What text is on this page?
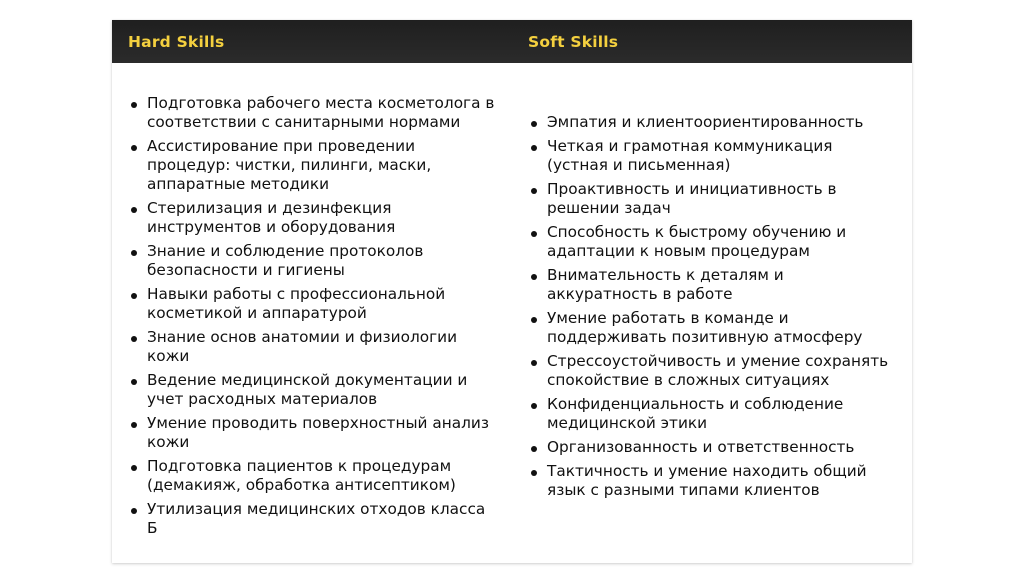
Hard Skills	Soft Skills
Подготовка рабочего места косметолога в соответствии с санитарными нормами
Ассистирование при проведении процедур: чистки, пилинги, маски, аппаратные методики
Стерилизация и дезинфекция инструментов и оборудования
Знание и соблюдение протоколов безопасности и гигиены
Навыки работы с профессиональной косметикой и аппаратурой
Знание основ анатомии и физиологии кожи
Ведение медицинской документации и учет расходных материалов
Умение проводить поверхностный анализ кожи
Подготовка пациентов к процедурам (демакияж, обработка антисептиком)
Утилизация медицинских отходов класса Б
Эмпатия и клиентоориентированность
Четкая и грамотная коммуникация (устная и письменная)
Проактивность и инициативность в решении задач
Способность к быстрому обучению и адаптации к новым процедурам
Внимательность к деталям и аккуратность в работе
Умение работать в команде и поддерживать позитивную атмосферу
Стрессоустойчивость и умение сохранять спокойствие в сложных ситуациях
Конфиденциальность и соблюдение медицинской этики
Организованность и ответственность
Тактичность и умение находить общий язык с разными типами клиентов
